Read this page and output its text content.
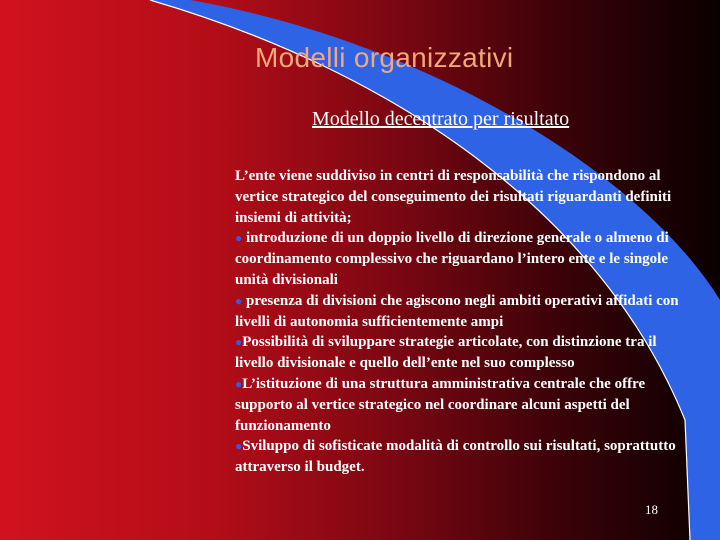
Modelli organizzativi
Modello decentrato per risultato

L’ente viene suddiviso in centri di responsabilità che rispondono al vertice strategico del conseguimento dei risultati riguardanti definiti insiemi di attività;

● introduzione di un doppio livello di direzione generale o almeno di coordinamento complessivo che riguardano l’intero ente e le singole unità divisionali

● presenza di divisioni che agiscono negli ambiti operativi affidati con livelli di autonomia sufficientemente ampi

●Possibilità di sviluppare strategie articolate, con distinzione tra il livello divisionale e quello dell’ente nel suo complesso

●L’istituzione di una struttura amministrativa centrale che offre supporto al vertice strategico nel coordinare alcuni aspetti del funzionamento

●Sviluppo di sofisticate modalità di controllo sui risultati, soprattutto attraverso il budget.

18
